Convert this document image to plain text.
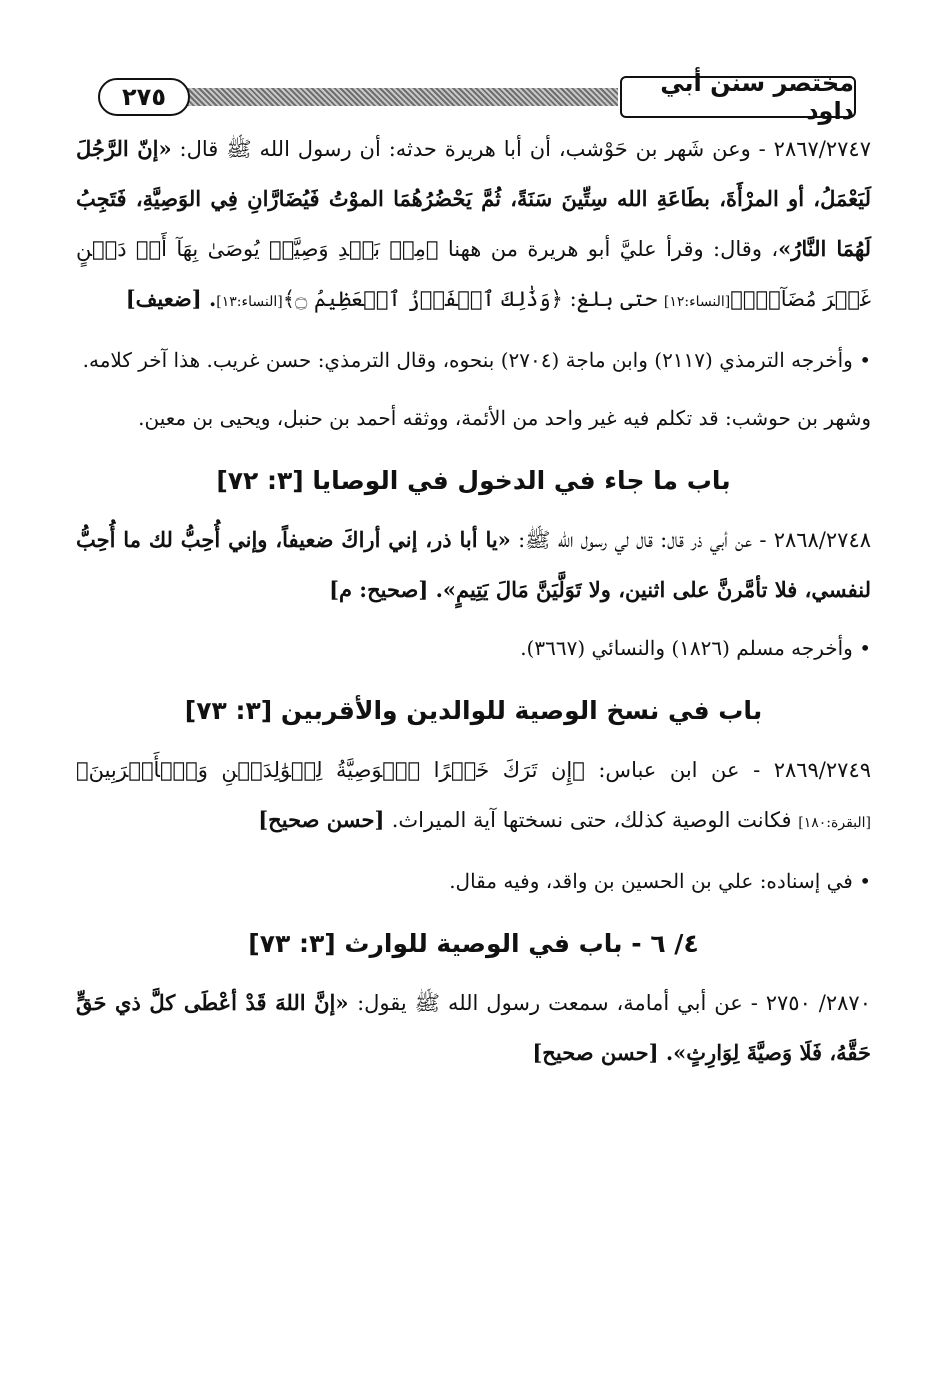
مختصر سنن أبي داود
٢٧٥

٢٨٦٧/٢٧٤٧ - وعن شَهر بن حَوْشب، أن أبا هريرة حدثه: أن رسول الله ﷺ قال: «إنّ الرَّجُلَ لَيَعْمَلُ، أو المرْأَةَ، بطَاعَةِ الله سِتِّينَ سَنَةً، ثُمَّ يَحْضُرُهُمَا الموْتُ فَيُضَارَّانِ فِي الوَصِيَّةِ، فَتَجِبُ لَهُمَا النَّارُ»، وقال: وقرأ عليَّ أبو هريرة من ههنا ﴿مِنۢ بَعۡدِ وَصِيَّةٖ يُوصَىٰ بِهَآ أَوۡ دَيۡنٍ غَيۡرَ مُضَآرّٖ﴾[النساء:١٢] حتى بلغ: ﴿وَذَٰلِكَ ٱلۡفَوۡزُ ٱلۡعَظِيمُ ۝﴾[النساء:١٣]. [ضعيف]

• وأخرجه الترمذي (٢١١٧) وابن ماجة (٢٧٠٤) بنحوه، وقال الترمذي: حسن غريب. هذا آخر كلامه.

وشهر بن حوشب: قد تكلم فيه غير واحد من الأئمة، ووثقه أحمد بن حنبل، ويحيى بن معين.

باب ما جاء في الدخول في الوصايا [٣: ٧٢]

٢٨٦٨/٢٧٤٨ - عن أبي ذر قال: قال لي رسول الله ﷺ: «يا أبا ذر، إني أراكَ ضعيفاً، وإني أُحِبُّ لك ما أُحِبُّ لنفسي، فلا تأمَّرنَّ على اثنين، ولا تَوَلَّيَنَّ مَالَ يَتِيمٍ». [صحيح: م]

• وأخرجه مسلم (١٨٢٦) والنسائي (٣٦٦٧).

باب في نسخ الوصية للوالدين والأقربين [٣: ٧٣]

٢٨٦٩/٢٧٤٩ - عن ابن عباس: ﴿إِن تَرَكَ خَيۡرًا ٱلۡوَصِيَّةُ لِلۡوَٰلِدَيۡنِ وَٱلۡأَقۡرَبِينَ﴾[البقرة:١٨٠] فكانت الوصية كذلك، حتى نسختها آية الميراث. [حسن صحيح]

• في إسناده: علي بن الحسين بن واقد، وفيه مقال.

٤/ ٦ - باب في الوصية للوارث [٣: ٧٣]

٢٨٧٠/ ٢٧٥٠ - عن أبي أمامة، سمعت رسول الله ﷺ يقول: «إنَّ اللهَ قَدْ أعْطَى كلَّ ذي حَقٍّ حَقَّهُ، فَلَا وَصيَّةَ لِوَارِثٍ». [حسن صحيح]
